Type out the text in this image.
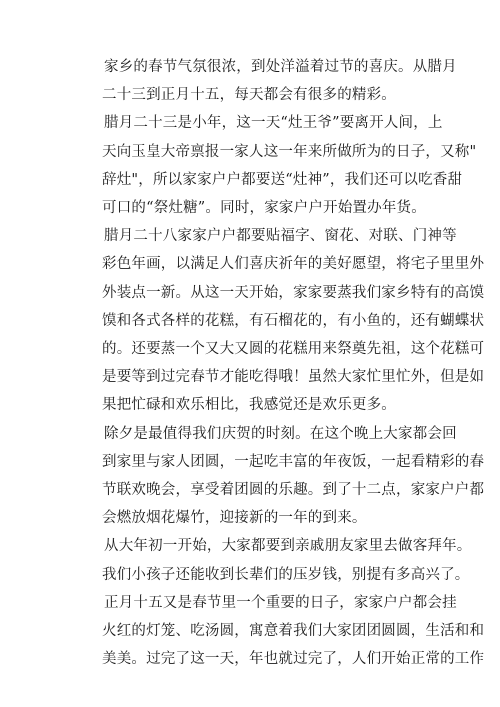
家乡的春节气氛很浓，到处洋溢着过节的喜庆。从腊月
二十三到正月十五，每天都会有很多的精彩。
腊月二十三是小年，这一天“灶王爷”要离开人间，上
天向玉皇大帝禀报一家人这一年来所做所为的日子，又称"
辞灶"，所以家家户户都要送“灶神”，我们还可以吃香甜
可口的“祭灶糖”。同时，家家户户开始置办年货。
腊月二十八家家户户都要贴福字、窗花、对联、门神等
彩色年画，以满足人们喜庆祈年的美好愿望，将宅子里里外
外装点一新。从这一天开始，家家要蒸我们家乡特有的高馍
馍和各式各样的花糕，有石榴花的，有小鱼的，还有蝴蝶状
的。还要蒸一个又大又圆的花糕用来祭奠先祖，这个花糕可
是要等到过完春节才能吃得哦！虽然大家忙里忙外，但是如
果把忙碌和欢乐相比，我感觉还是欢乐更多。
除夕是最值得我们庆贺的时刻。在这个晚上大家都会回
到家里与家人团圆，一起吃丰富的年夜饭，一起看精彩的春
节联欢晚会，享受着团圆的乐趣。到了十二点，家家户户都
会燃放烟花爆竹，迎接新的一年的到来。
从大年初一开始，大家都要到亲戚朋友家里去做客拜年。
我们小孩子还能收到长辈们的压岁钱，别提有多高兴了。
正月十五又是春节里一个重要的日子，家家户户都会挂
火红的灯笼、吃汤圆，寓意着我们大家团团圆圆，生活和和
美美。过完了这一天，年也就过完了，人们开始正常的工作
